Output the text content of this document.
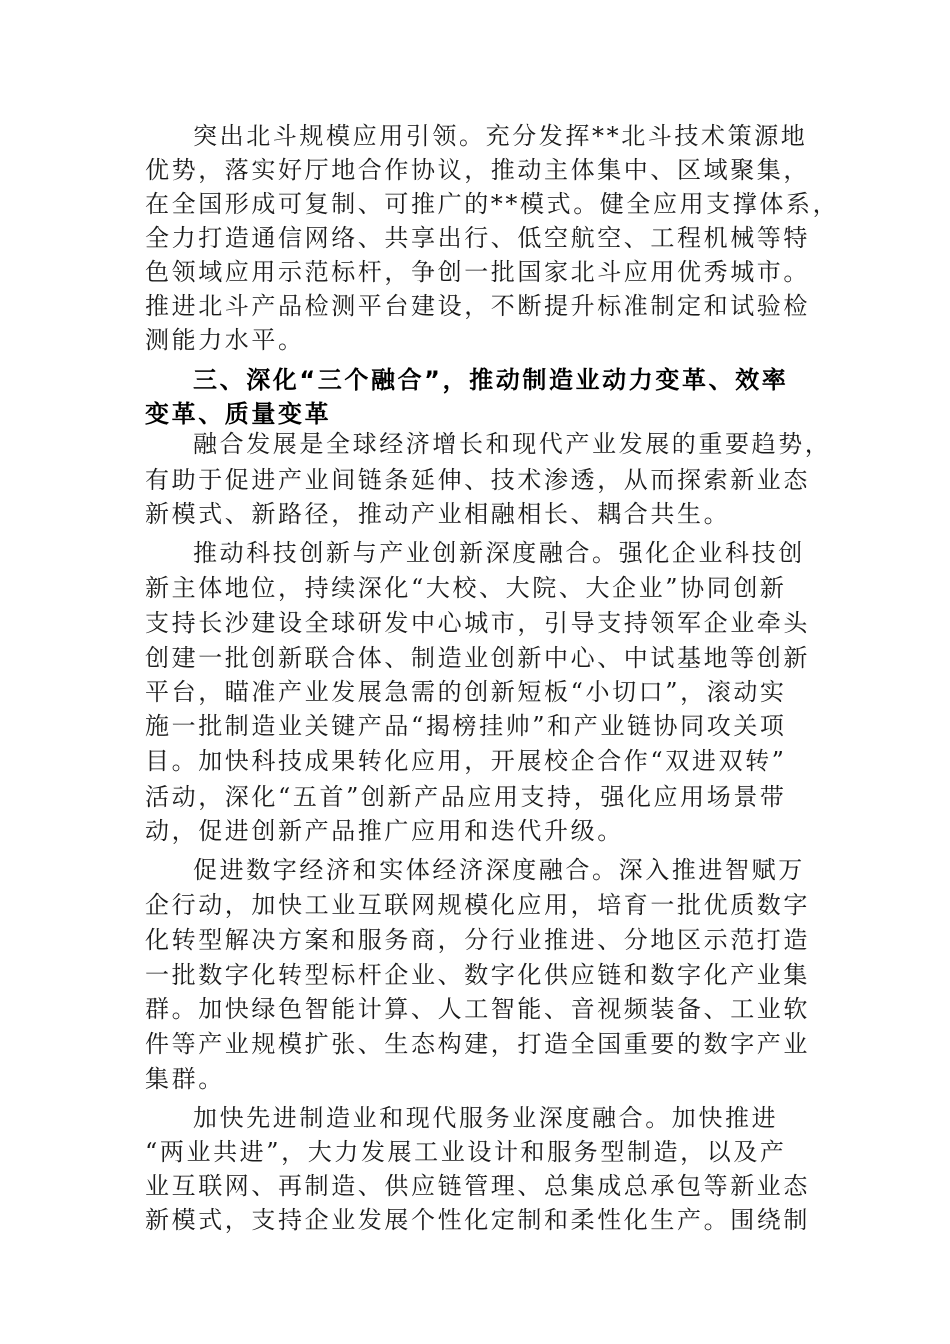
突出北斗规模应用引领。充分发挥**北斗技术策源地

优势，落实好厅地合作协议，推动主体集中、区域聚集，

在全国形成可复制、可推广的**模式。健全应用支撑体系，

全力打造通信网络、共享出行、低空航空、工程机械等特

色领域应用示范标杆，争创一批国家北斗应用优秀城市。

推进北斗产品检测平台建设，不断提升标准制定和试验检

测能力水平。

三、深化“三个融合”，推动制造业动力变革、效率

变革、质量变革

融合发展是全球经济增长和现代产业发展的重要趋势，

有助于促进产业间链条延伸、技术渗透，从而探索新业态

新模式、新路径，推动产业相融相长、耦合共生。

推动科技创新与产业创新深度融合。强化企业科技创

新主体地位，持续深化“大校、大院、大企业”协同创新

支持长沙建设全球研发中心城市，引导支持领军企业牵头

创建一批创新联合体、制造业创新中心、中试基地等创新

平台，瞄准产业发展急需的创新短板“小切口”，滚动实

施一批制造业关键产品“揭榜挂帅”和产业链协同攻关项

目。加快科技成果转化应用，开展校企合作“双进双转”

活动，深化“五首”创新产品应用支持，强化应用场景带

动，促进创新产品推广应用和迭代升级。

促进数字经济和实体经济深度融合。深入推进智赋万

企行动，加快工业互联网规模化应用，培育一批优质数字

化转型解决方案和服务商，分行业推进、分地区示范打造

一批数字化转型标杆企业、数字化供应链和数字化产业集

群。加快绿色智能计算、人工智能、音视频装备、工业软

件等产业规模扩张、生态构建，打造全国重要的数字产业

集群。

加快先进制造业和现代服务业深度融合。加快推进

“两业共进”，大力发展工业设计和服务型制造，以及产

业互联网、再制造、供应链管理、总集成总承包等新业态

新模式，支持企业发展个性化定制和柔性化生产。围绕制
